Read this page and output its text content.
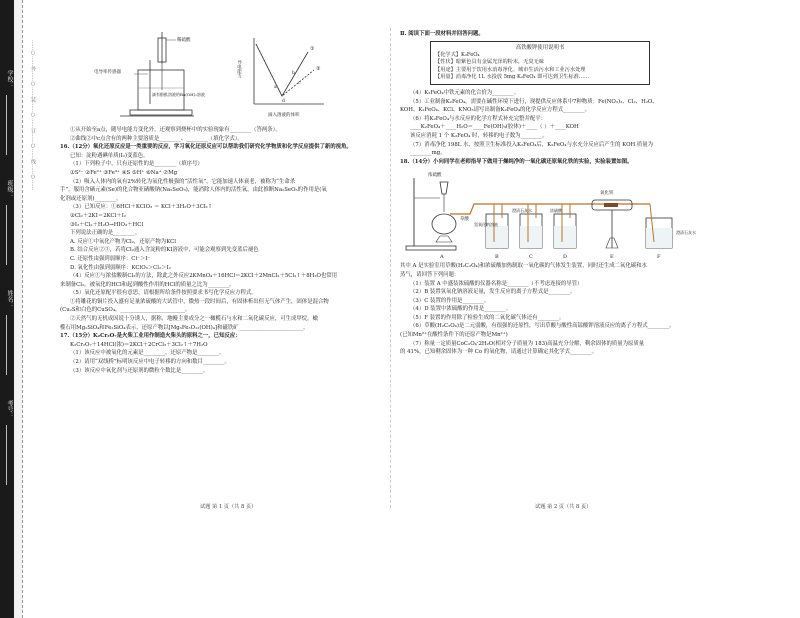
学校：
班级：
姓名：
考号：
……○……外……○……装……○……订……○……线……○……	稀硫酸
电导率传感器
滴有酚酞溶液的Ba(OH)₂溶液
导电能力
滴入溶液的体积
①
②
a
b
c
d
①从开始至a点，随导电能力变化外，还观察到烧杯中的实验现象有________（答两条）。
②曲线②中c点含有的两种主要溶质是________、________（填化学式）。
16.（12分）氧化还原反应是一类重要的反应，学习氧化还原反应可以帮助我们研究化学物质和化学反应提供了新的视角。
已知：淀粉遇碘单质(I₂)变蓝色。
（1）下列粒子中，只有还原性的是________（填序号）
①S²⁻ ②Fe²⁺ ③Fe³⁺ ④S ⑤H⁺ ⑥Na⁺ ⑦Mg
（2）吸入人体内的氧有2%转化为氧化性极强的“活性氧”，它能加速人体衰老，被称为“生命杀
手”。服用含硒元素(Se)的化合物亚硒酸钠(Na₂SeO₃)，能消除人体内的活性氧，由此推断Na₂SeO₃的作用是(氧
化剂或还原剂)________。
（3）已知反应：①6HCl＋KClO₃ ＝ KCl＋3H₂O＋3Cl₂↑
②Cl₂＋2KI＝2KCl＋I₂
③I₂＋Cl₂＋H₂O→HIO₃＋HCl
下列说法正确的是________。
A. 反应①中氧化产物为Cl₂，还原产物为KCl
B. 结合反应②③，若将Cl₂通入含淀粉的KI溶液中，可能会观察到先变蓝后褪色
C. 还原性由强到弱顺序：Cl⁻＞I⁻
D. 氧化性由强到弱顺序：KClO₃＞Cl₂＞I₂
（4）反应①与浓盐酸制Cl₂的方法，除此之外反应2KMnO₄＋16HCl＝2KCl＋2MnCl₂＋5Cl₂↑＋8H₂O也常用
来制备Cl₂。被氧化的HCl和起到酸性作用的HCl的质量之比为________。
（5）氧化还原配平很有意思，请根据所给条件按照要求书写化学反应方程式。
①将雕花的铜片投入盛有足量浓硫酸的大试管中，微热一段时间后，有固体析出但无气体产生，固体是混合物
(Cu₂S和白色的CuSO₄，________________________。
②天然气的无机成因说十分诱人，据称，地幔主要成分之一橄榄石与水和二氧化碳反应，可生成甲烷。橄
榄石用Mg₂SiO₄和Fe₂SiO₄表示，还原产物以[Mg₃Fe₃O₁₂(OH)₄]和磁铁矿________________________。
17.（15分）K₂Cr₂O₇是火柴工业用作制造火柴头的原料之一，已知反应：
K₂Cr₂O₇＋14HCl(浓)＝2KCl＋2CrCl₃＋3Cl₂↑＋7H₂O
（1）该反应中被氧化的元素是________，还原产物是________。
（2）请用“双线桥”标明该反应中电子转移的方向和数目________。
（3）该反应中氧化剂与还原剂的微粒个数比是________。
Ⅱ. 阅读下面一段材料并回答问题。
高铁酸钾使用说明书
【化学式】K₂FeO₄
【性状】暗紫色具有金属光泽的粉末，无臭无味
【用途】主要用于饮用水消毒净化、城市生活污水和工业污水处理
【用量】消毒净化 1L 水投放 5mg K₂FeO₄ 即可达到卫生标准……
（4）K₂FeO₄中铁元素的化合价为________。
（5）工业制备K₂FeO₄，需要在碱性环境下进行，现提供反应体系中7种物质：Fe(NO₃)₃、Cl₂、H₂O、
KOH、K₂FeO₄、KCl、KNO₃请写出制备K₂FeO₄的化学反应方程式________。
（6）将K₂FeO₄与水反应的化学方程式补充完整并配平：
____K₂FeO₄＋____H₂O＝____Fe(OH)₃(胶体)＋____（ ）＋____KOH
该反应消耗 1 个 K₂FeO₄ 时，转移的电子数为________。
（7）消毒净化 198L 水，按照卫生标准投入K₂FeO₄后，K₂FeO₄与水充分反应后产生的 KOH 质量为
________mg。
18.（14分）小向同学在老师指导下做用于燥纯净的一氧化碳还原氧化铁的实验，实验装置如图。
浓硫酸
草酸
氢氧化钠溶液
澄清石灰水	浓硫酸
氧化铁
澄清石灰水
A	B	C	D	E	F
其中 A 是实验室用草酸(H₂C₂O₄)和浓硫酸加热制取一氧化碳的气体发生装置，同时还生成二氧化碳和水
蒸气，请回答下列问题：
（1）装置 A 中盛装浓硫酸的仪器名称是________（不考虑连接的导管）
（2）B 装置氢氧化钠溶液足量，发生反应的离子方程式是________。
（3）C 装置的作用是________。
（4）D 装置中浓硫酸的作用是________。
（5）F 装置的作用除了检验生成的二氧化碳气体还有________。
（6）草酸(H₂C₂O₄)是二元弱酸，有很强的还原性，写出草酸与酸性高锰酸钾溶液反应的离子方程式________。
(已知Mn²⁺在酸性条件下的还原产物是Mn²⁺)
（7）称量一定质量CoC₂O₄·2H₂O(相对分子质量为 183)高温充分分解，剩余固体的质量为原质量
的 41%，已知剩余固体为一种 Co 的氧化物，请通过计算确定其化学式________。
试题 第 1 页（共 8 页）	试题 第 2 页（共 8 页）
